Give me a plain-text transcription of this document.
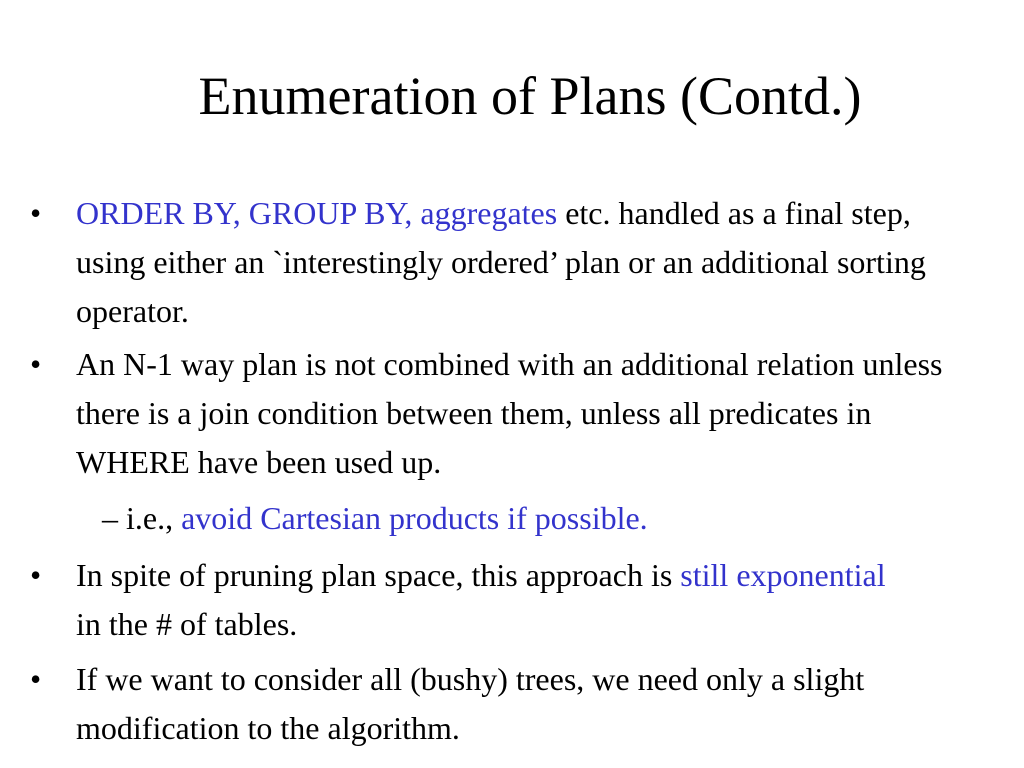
Enumeration of Plans (Contd.)
• ORDER BY, GROUP BY, aggregates etc. handled as a final step, using either an `interestingly ordered’ plan or an additional sorting operator.
• An N-1 way plan is not combined with an additional relation unless there is a join condition between them, unless all predicates in WHERE have been used up.
– i.e., avoid Cartesian products if possible.
• In spite of pruning plan space, this approach is still exponential in the # of tables.
• If we want to consider all (bushy) trees, we need only a slight modification to the algorithm.
